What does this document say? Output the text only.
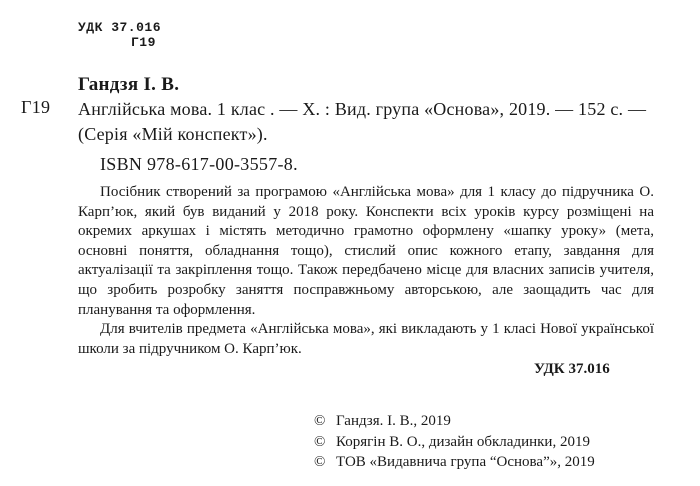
УДК 37.016
Г19
Гандзя І. В.
Г19 Англійська мова. 1 клас . — Х. : Вид. група «Основа», 2019. — 152 с. — (Серія «Мій конспект»).
ISBN 978-617-00-3557-8.

Посібник створений за програмою «Англійська мова» для 1 класу до підручника О. Карп’юк, який був виданий у 2018 року. Конспекти всіх уроків курсу розміщені на окремих аркушах і містять методично грамотно оформлену «шапку уроку» (мета, основні поняття, обладнання тощо), стислий опис кожного етапу, завдання для актуалізації та закріплення тощо. Також передбачено місце для власних записів учителя, що зробить розробку заняття посправжньому авторською, але заощадить час для планування та оформлення.

Для вчителів предмета «Англійська мова», які викладають у 1 класі Нової української школи за підручником О. Карп’юк.

УДК 37.016
© Гандзя. І. В., 2019
© Корягін В. О., дизайн обкладинки, 2019
© ТОВ «Видавнича група “Основа”», 2019
